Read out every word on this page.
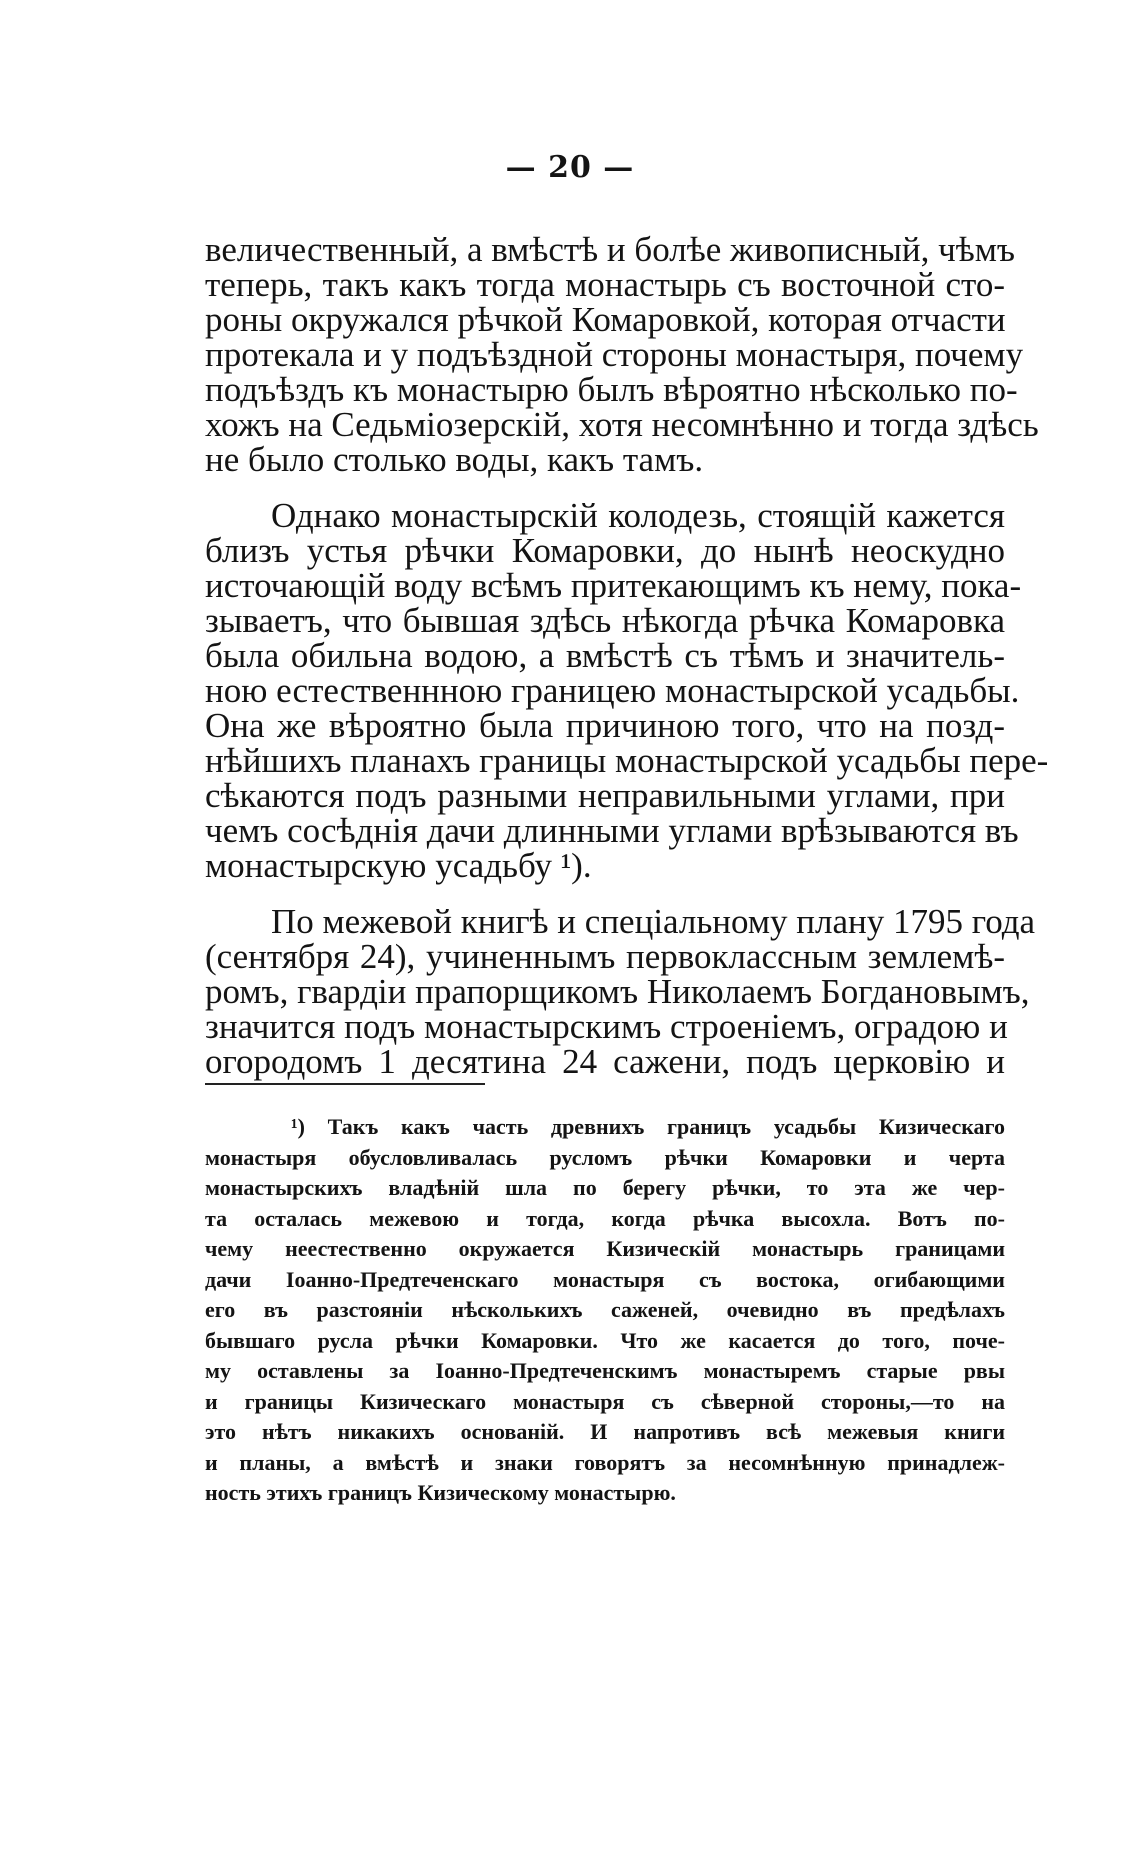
— 20 —
величественный, а вмѣстѣ и болѣе живописный, чѣмъ
теперь, такъ какъ тогда монастырь съ восточной сто-
роны окружался рѣчкой Комаровкой, которая отчасти
протекала и у подъѣздной стороны монастыря, почему
подъѣздъ къ монастырю былъ вѣроятно нѣсколько по-
хожъ на Седьміозерскій, хотя несомнѣнно и тогда здѣсь
не было столько воды, какъ тамъ.
Однако монастырскій колодезь, стоящій кажется
близъ устья рѣчки Комаровки, до нынѣ неоскудно
источающій воду всѣмъ притекающимъ къ нему, пока-
зываетъ, что бывшая здѣсь нѣкогда рѣчка Комаровка
была обильна водою, а вмѣстѣ съ тѣмъ и значитель-
ною естественнною границею монастырской усадьбы.
Она же вѣроятно была причиною того, что на позд-
нѣйшихъ планахъ границы монастырской усадьбы пере-
сѣкаются подъ разными неправильными углами, при
чемъ сосѣднія дачи длинными углами врѣзываются въ
монастырскую усадьбу ¹).
По межевой книгѣ и спеціальному плану 1795 года
(сентября 24), учиненнымъ первоклассным землемѣ-
ромъ, гвардіи прапорщикомъ Николаемъ Богдановымъ,
значится подъ монастырскимъ строеніемъ, оградою и
огородомъ 1 десятина 24 сажени, подъ церковію и
¹) Такъ какъ часть древнихъ границъ усадьбы Кизическаго
монастыря обусловливалась русломъ рѣчки Комаровки и черта
монастырскихъ владѣній шла по берегу рѣчки, то эта же чер-
та осталась межевою и тогда, когда рѣчка высохла. Вотъ по-
чему неестественно окружается Кизическій монастырь границами
дачи Іоанно-Предтеченскаго монастыря съ востока, огибающими
его въ разстояніи нѣсколькихъ саженей, очевидно въ предѣлахъ
бывшаго русла рѣчки Комаровки. Что же касается до того, поче-
му оставлены за Іоанно-Предтеченскимъ монастыремъ старые рвы
и границы Кизическаго монастыря съ сѣверной стороны,—то на
это нѣтъ никакихъ основаній. И напротивъ всѣ межевыя книги
и планы, а вмѣстѣ и знаки говорятъ за несомнѣнную принадлеж-
ность этихъ границъ Кизическому монастырю.
